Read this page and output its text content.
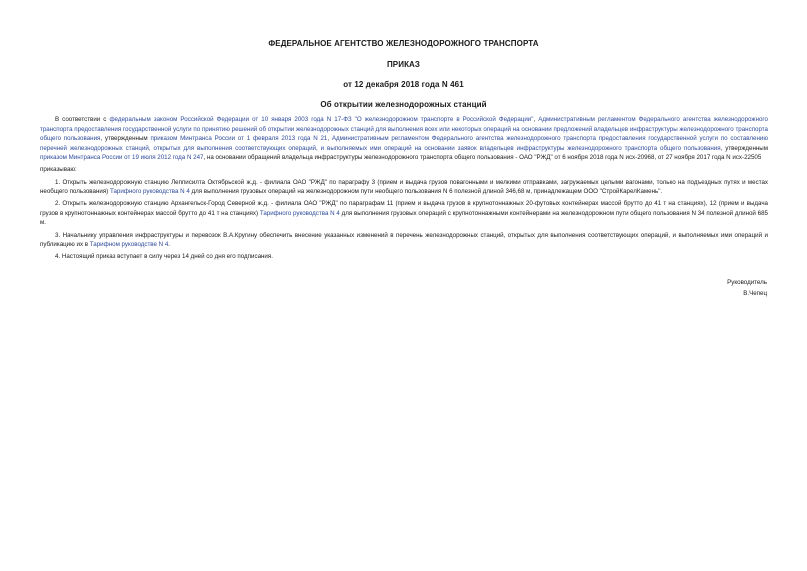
ФЕДЕРАЛЬНОЕ АГЕНТСТВО ЖЕЛЕЗНОДОРОЖНОГО ТРАНСПОРТА
ПРИКАЗ
от 12 декабря 2018 года N 461
Об открытии железнодорожных станций

В соответствии с федеральным законом Российской Федерации от 10 января 2003 года N 17-ФЗ "О железнодорожном транспорте в Российской Федерации", Административным регламентом Федерального агентства железнодорожного транспорта предоставления государственной услуги по принятию решений об открытии железнодорожных станций для выполнения всех или некоторых операций на основании предложений владельцев инфраструктуры железнодорожного транспорта общего пользования, утвержденным приказом Минтранса России от 1 февраля 2013 года N 21, Административным регламентом Федерального агентства железнодорожного транспорта предоставления государственной услуги по составлению перечней железнодорожных станций, открытых для выполнения соответствующих операций, и выполняемых ими операций на основании заявок владельцев инфраструктуры железнодорожного транспорта общего пользования, утвержденным приказом Минтранса России от 19 июля 2012 года N 247, на основании обращений владельца инфраструктуры железнодорожного транспорта общего пользования - ОАО "РЖД" от 6 ноября 2018 года N исх-20968, от 27 ноября 2017 года N исх-22505

приказываю:

1. Открыть железнодорожную станцию Лепписилта Октябрьской ж.д. - филиала ОАО "РЖД" по параграфу 3 (прием и выдача грузов повагонными и мелкими отправками, загружаемых целыми вагонами, только на подъездных путях и местах необщего пользования) Тарифного руководства N 4 для выполнения грузовых операций на железнодорожном пути необщего пользования N 6 полезной длиной 346,68 м, принадлежащем ООО "СтройКарелКамень".

2. Открыть железнодорожную станцию Архангельск-Город Северной ж.д. - филиала ОАО "РЖД" по параграфам 11 (прием и выдача грузов в крупнотоннажных 20-футовых контейнерах массой брутто до 41 т на станциях), 12 (прием и выдача грузов в крупнотоннажных контейнерах массой брутто до 41 т на станциях) Тарифного руководства N 4 для выполнения грузовых операций с крупнотоннажными контейнерами на железнодорожном пути общего пользования N 34 полезной длиной 685 м.

3. Начальнику управления инфраструктуры и перевозок В.А.Кругину обеспечить внесение указанных изменений в перечень железнодорожных станций, открытых для выполнения соответствующих операций, и выполняемых ими операций и публикацию их в Тарифном руководстве N 4.

4. Настоящий приказ вступает в силу через 14 дней со дня его подписания.

Руководитель
В.Чепец
